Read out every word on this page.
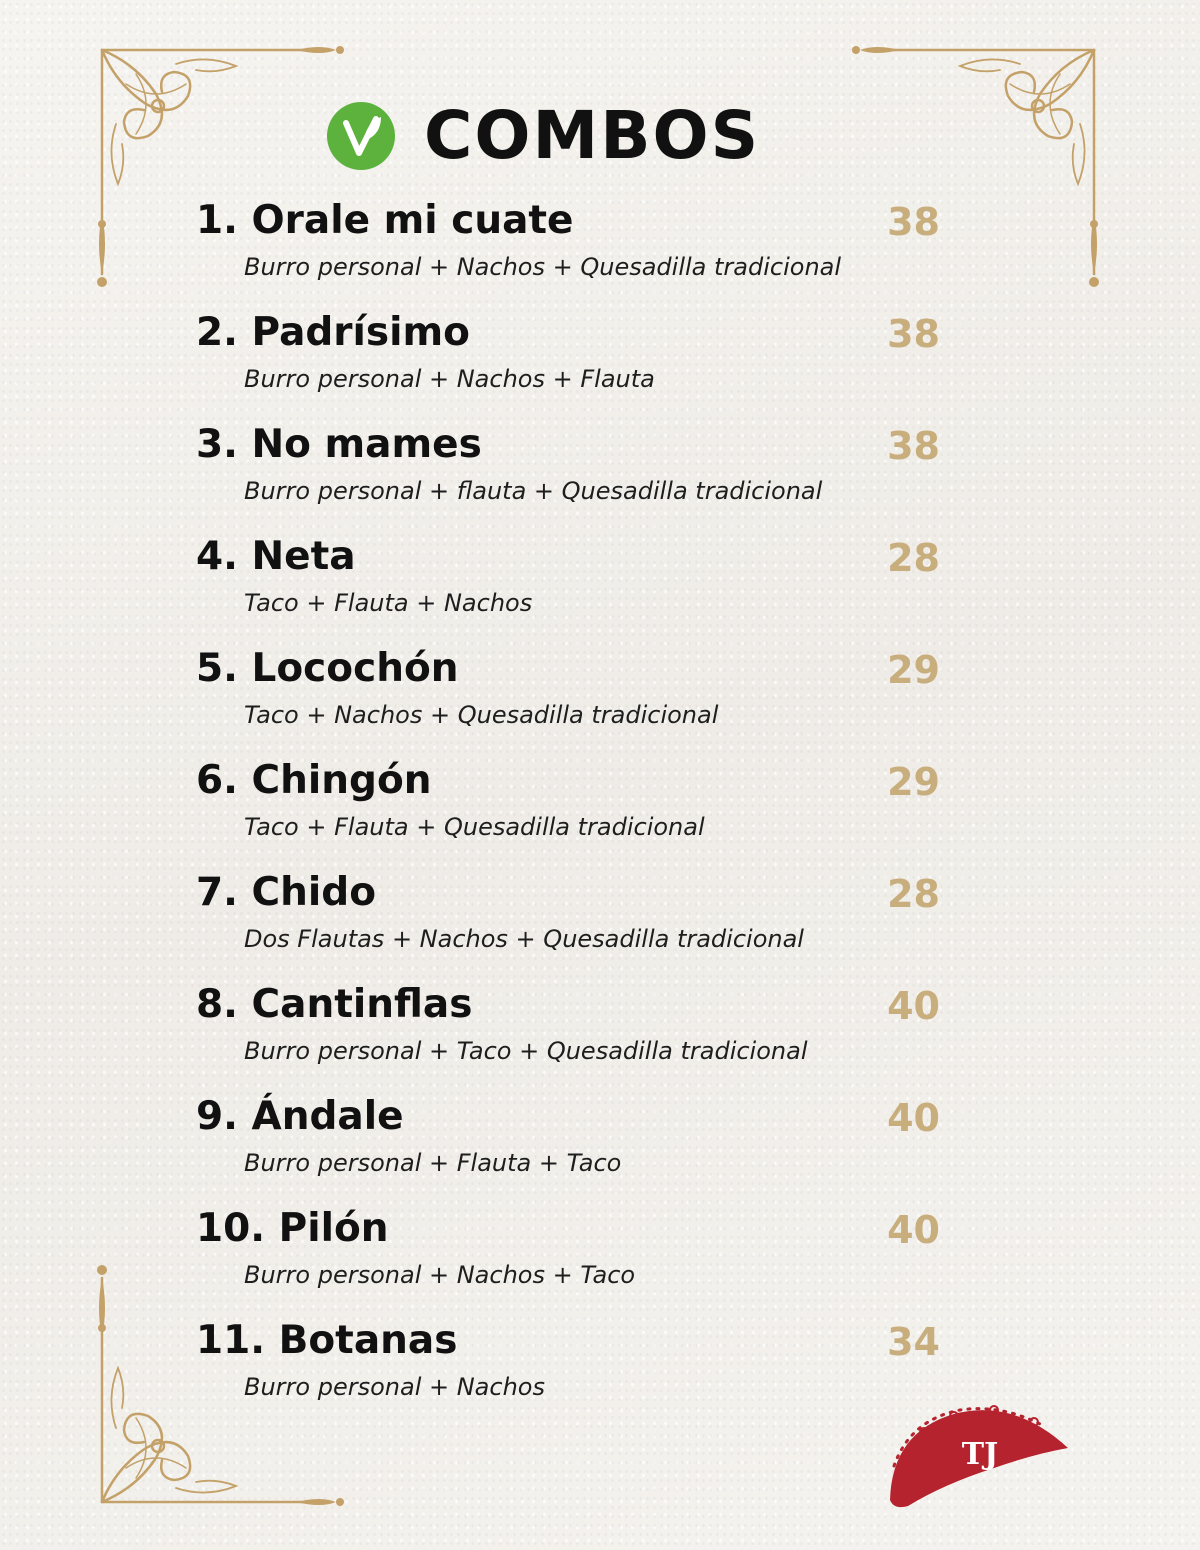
COMBOS
1. Orale mi cuate	38
Burro personal + Nachos + Quesadilla tradicional
2. Padrísimo	38
Burro personal + Nachos + Flauta
3. No mames	38
Burro personal + flauta + Quesadilla tradicional
4. Neta	28
Taco + Flauta + Nachos
5. Locochón	29
Taco + Nachos + Quesadilla tradicional
6. Chingón	29
Taco + Flauta + Quesadilla tradicional
7. Chido	28
Dos Flautas + Nachos + Quesadilla tradicional
8. Cantinflas	40
Burro personal + Taco + Quesadilla tradicional
9. Ándale	40
Burro personal + Flauta + Taco
10. Pilón	40
Burro personal + Nachos + Taco
11. Botanas	34
Burro personal + Nachos
TJ
